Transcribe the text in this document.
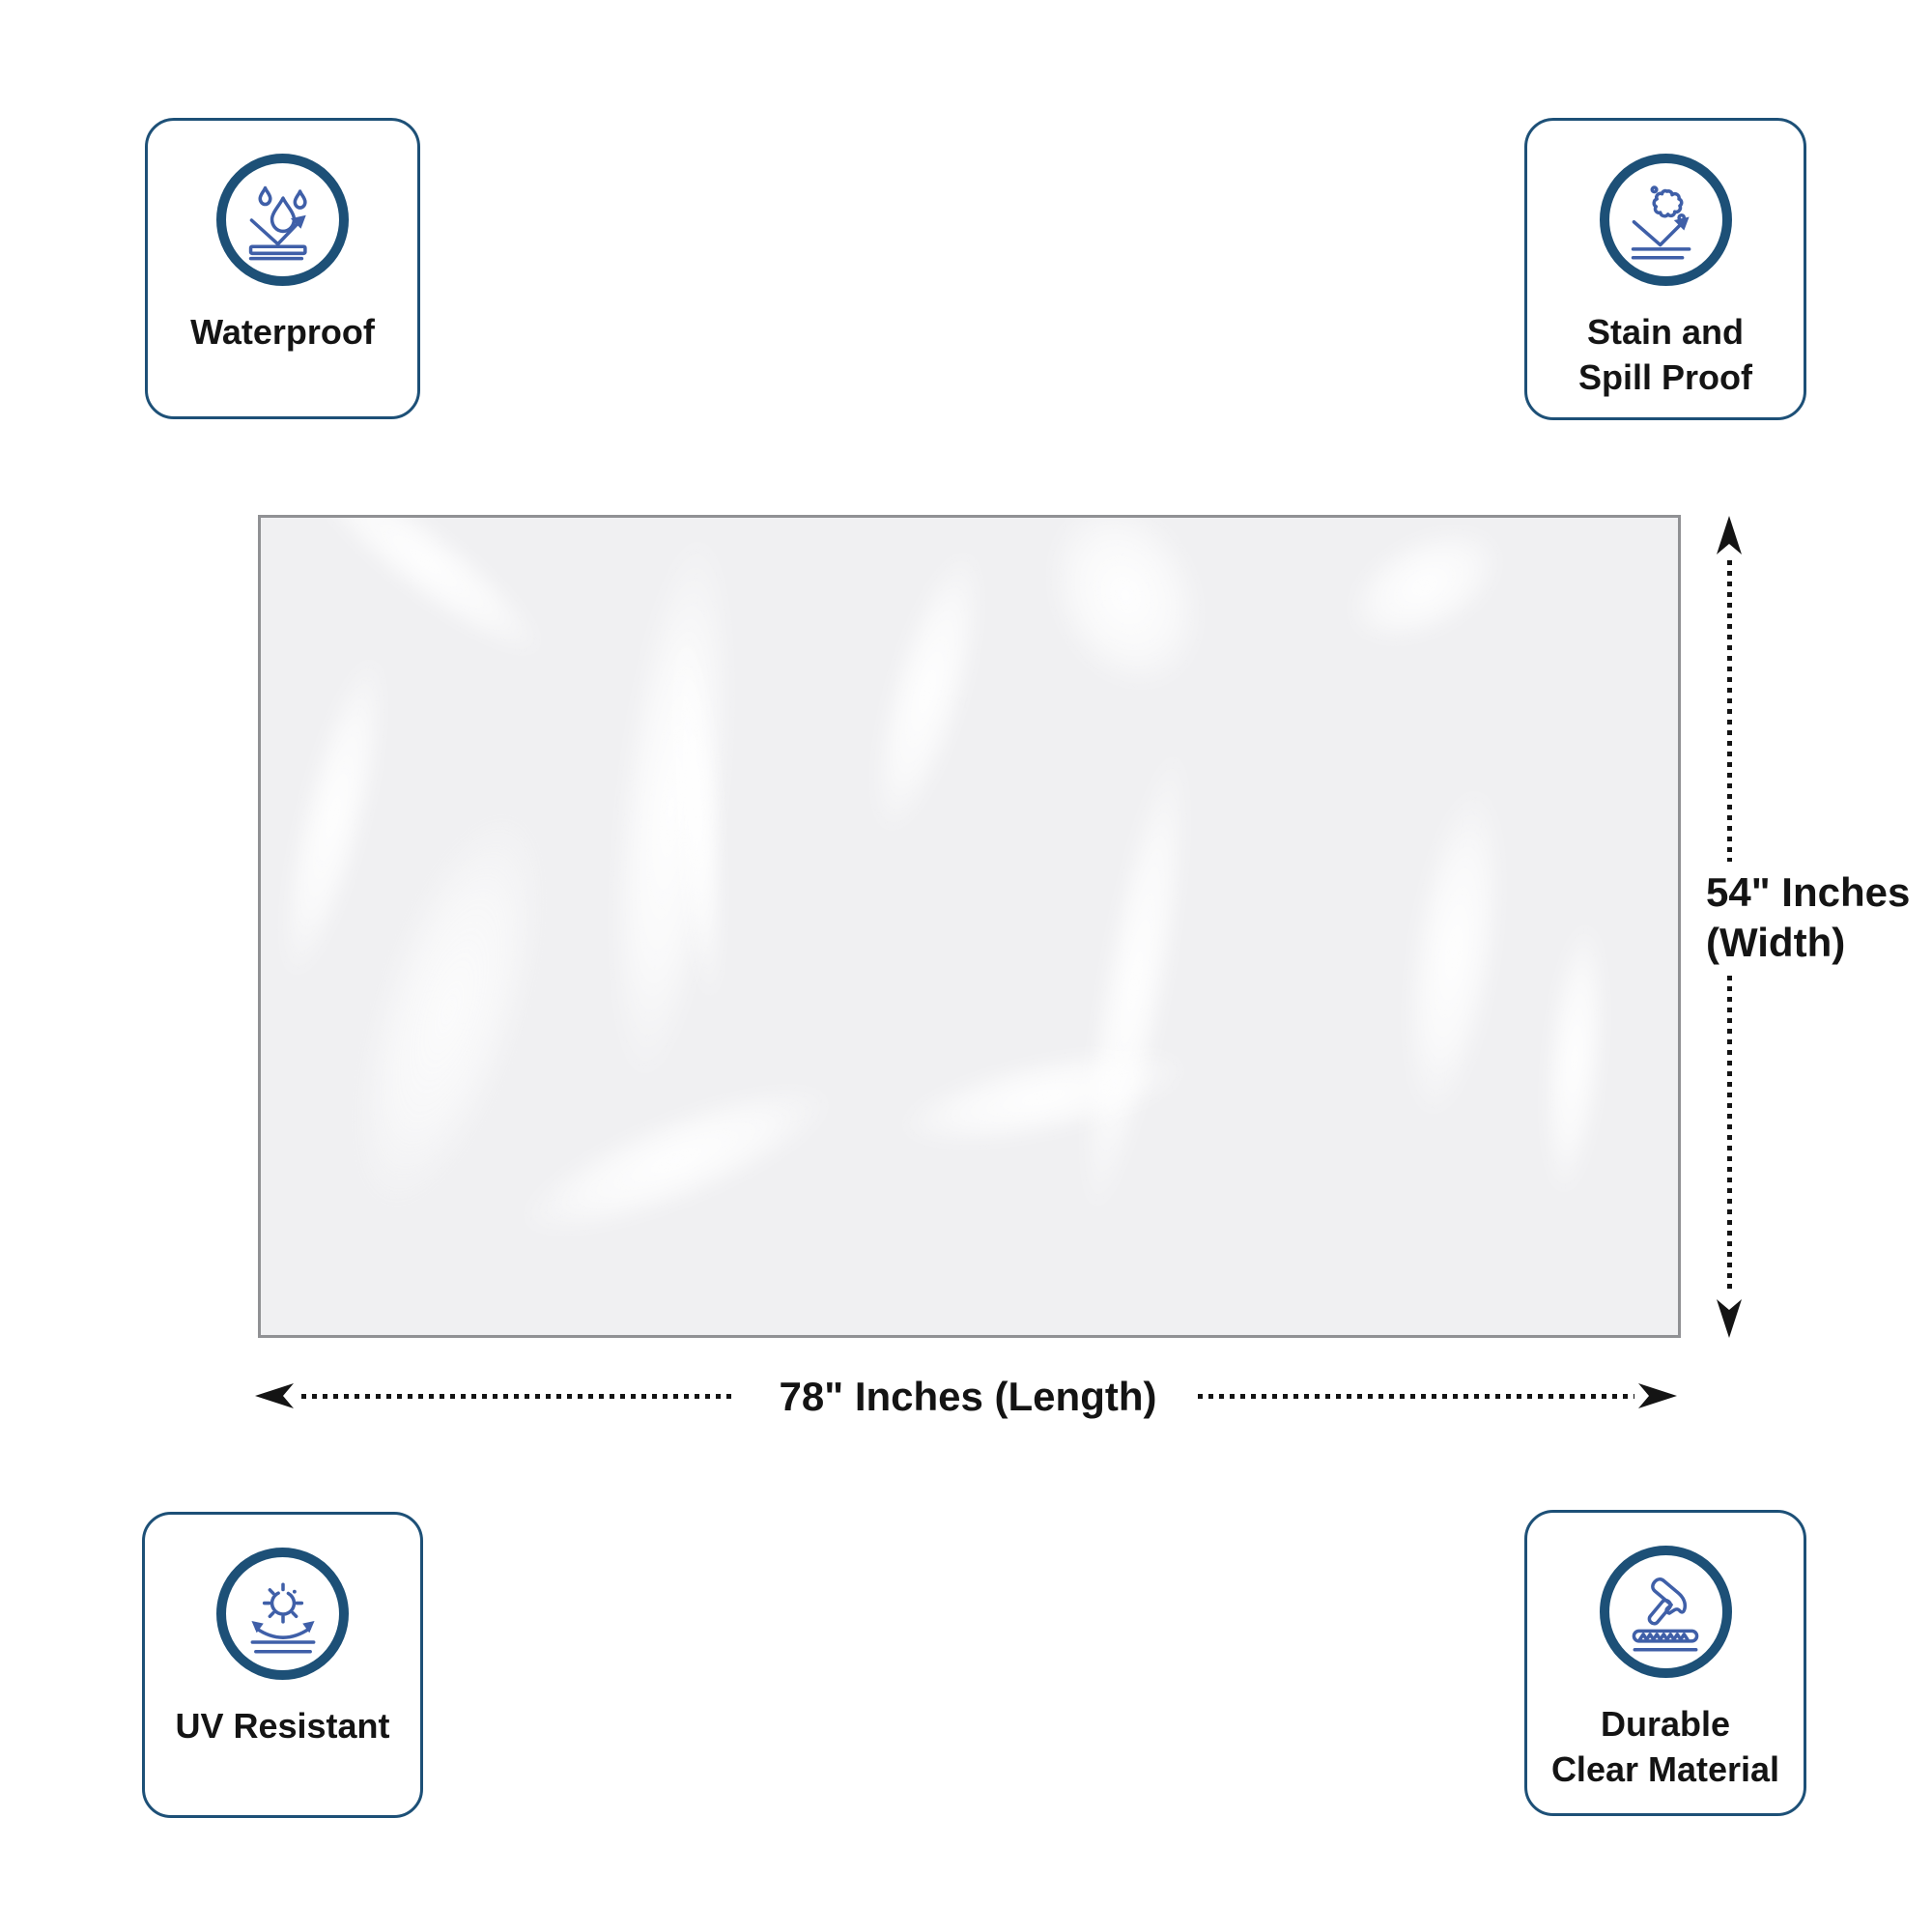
Waterproof	Stain and
Spill Proof
54" Inches
(Width)
78" Inches (Length)
UV Resistant	Durable
Clear Material
